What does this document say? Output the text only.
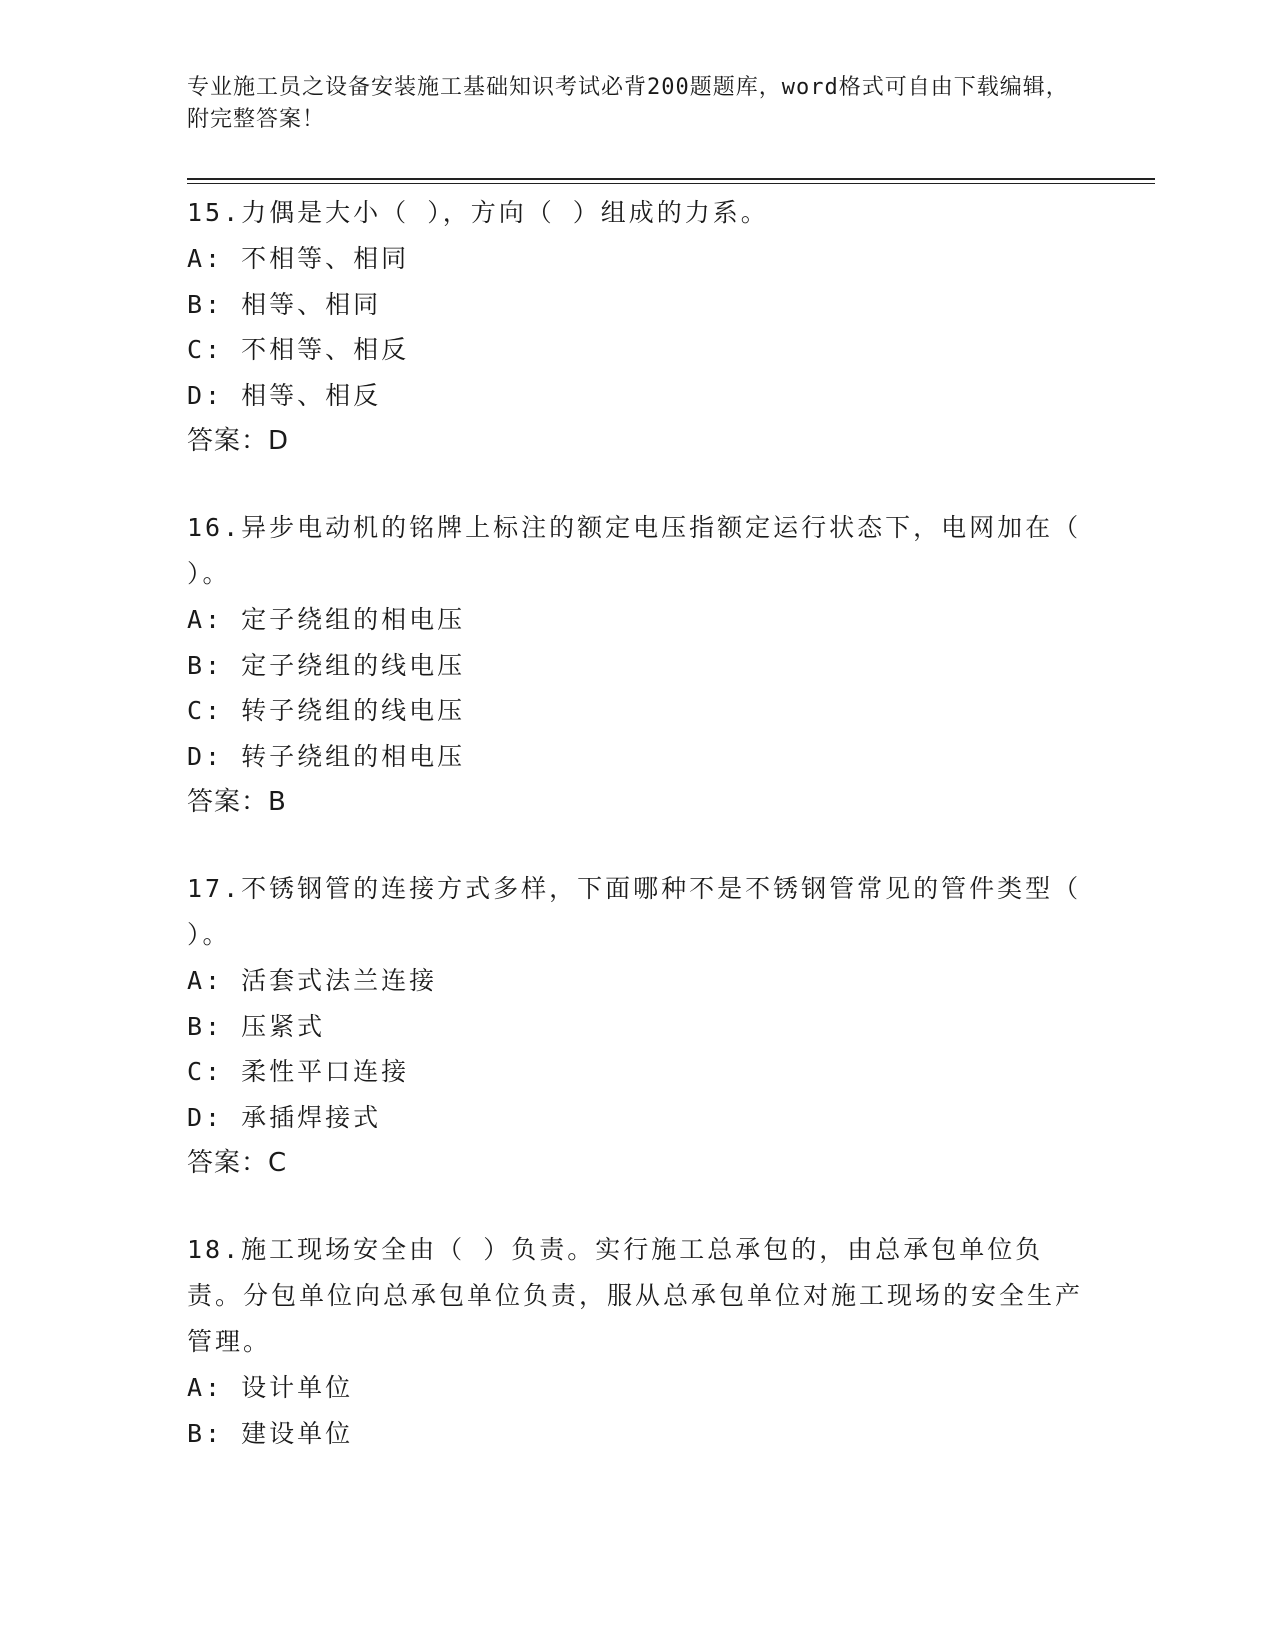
专业施工员之设备安装施工基础知识考试必背200题题库，word格式可自由下载编辑，附完整答案！
15.力偶是大小（ ），方向（ ）组成的力系。
A: 不相等、相同
B: 相等、相同
C: 不相等、相反
D: 相等、相反
答案：D
16.异步电动机的铭牌上标注的额定电压指额定运行状态下，电网加在（ ）。
A: 定子绕组的相电压
B: 定子绕组的线电压
C: 转子绕组的线电压
D: 转子绕组的相电压
答案：B
17.不锈钢管的连接方式多样，下面哪种不是不锈钢管常见的管件类型（ ）。
A: 活套式法兰连接
B: 压紧式
C: 柔性平口连接
D: 承插焊接式
答案：C
18.施工现场安全由（ ）负责。实行施工总承包的，由总承包单位负责。分包单位向总承包单位负责，服从总承包单位对施工现场的安全生产管理。
A: 设计单位
B: 建设单位
